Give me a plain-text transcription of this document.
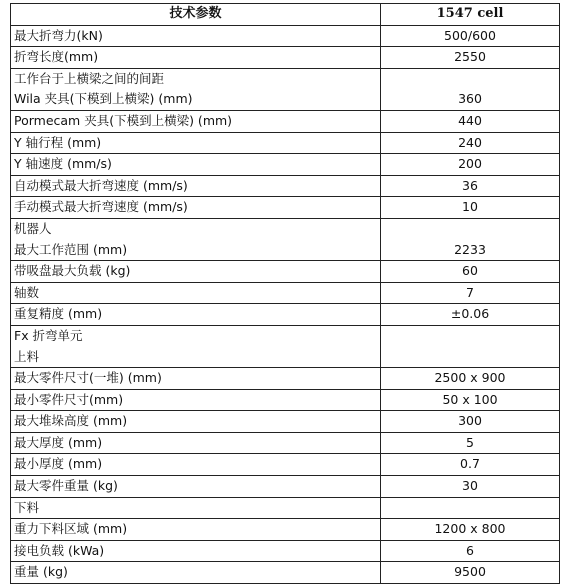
技术参数	1547 cell

最大折弯力(kN)	500/600

折弯长度(mm)	2550

工作台于上横梁之间的间距
Wila 夹具(下模到上横梁) (mm)	360

Pormecam 夹具(下模到上横梁) (mm)	440

Y 轴行程 (mm)	240

Y 轴速度 (mm/s)	200

自动模式最大折弯速度 (mm/s)	36

手动模式最大折弯速度 (mm/s)	10

机器人
最大工作范围 (mm)	2233

带吸盘最大负载 (kg)	60

轴数	7

重复精度 (mm)	±0.06

Fx 折弯单元
上料	

最大零件尺寸(一堆) (mm)	2500 x 900

最小零件尺寸(mm)	50 x 100

最大堆垛高度 (mm)	300

最大厚度 (mm)	5

最小厚度 (mm)	0.7

最大零件重量 (kg)	30

下料	

重力下料区域 (mm)	1200 x 800

接电负载 (kWa)	6

重量 (kg)	9500
